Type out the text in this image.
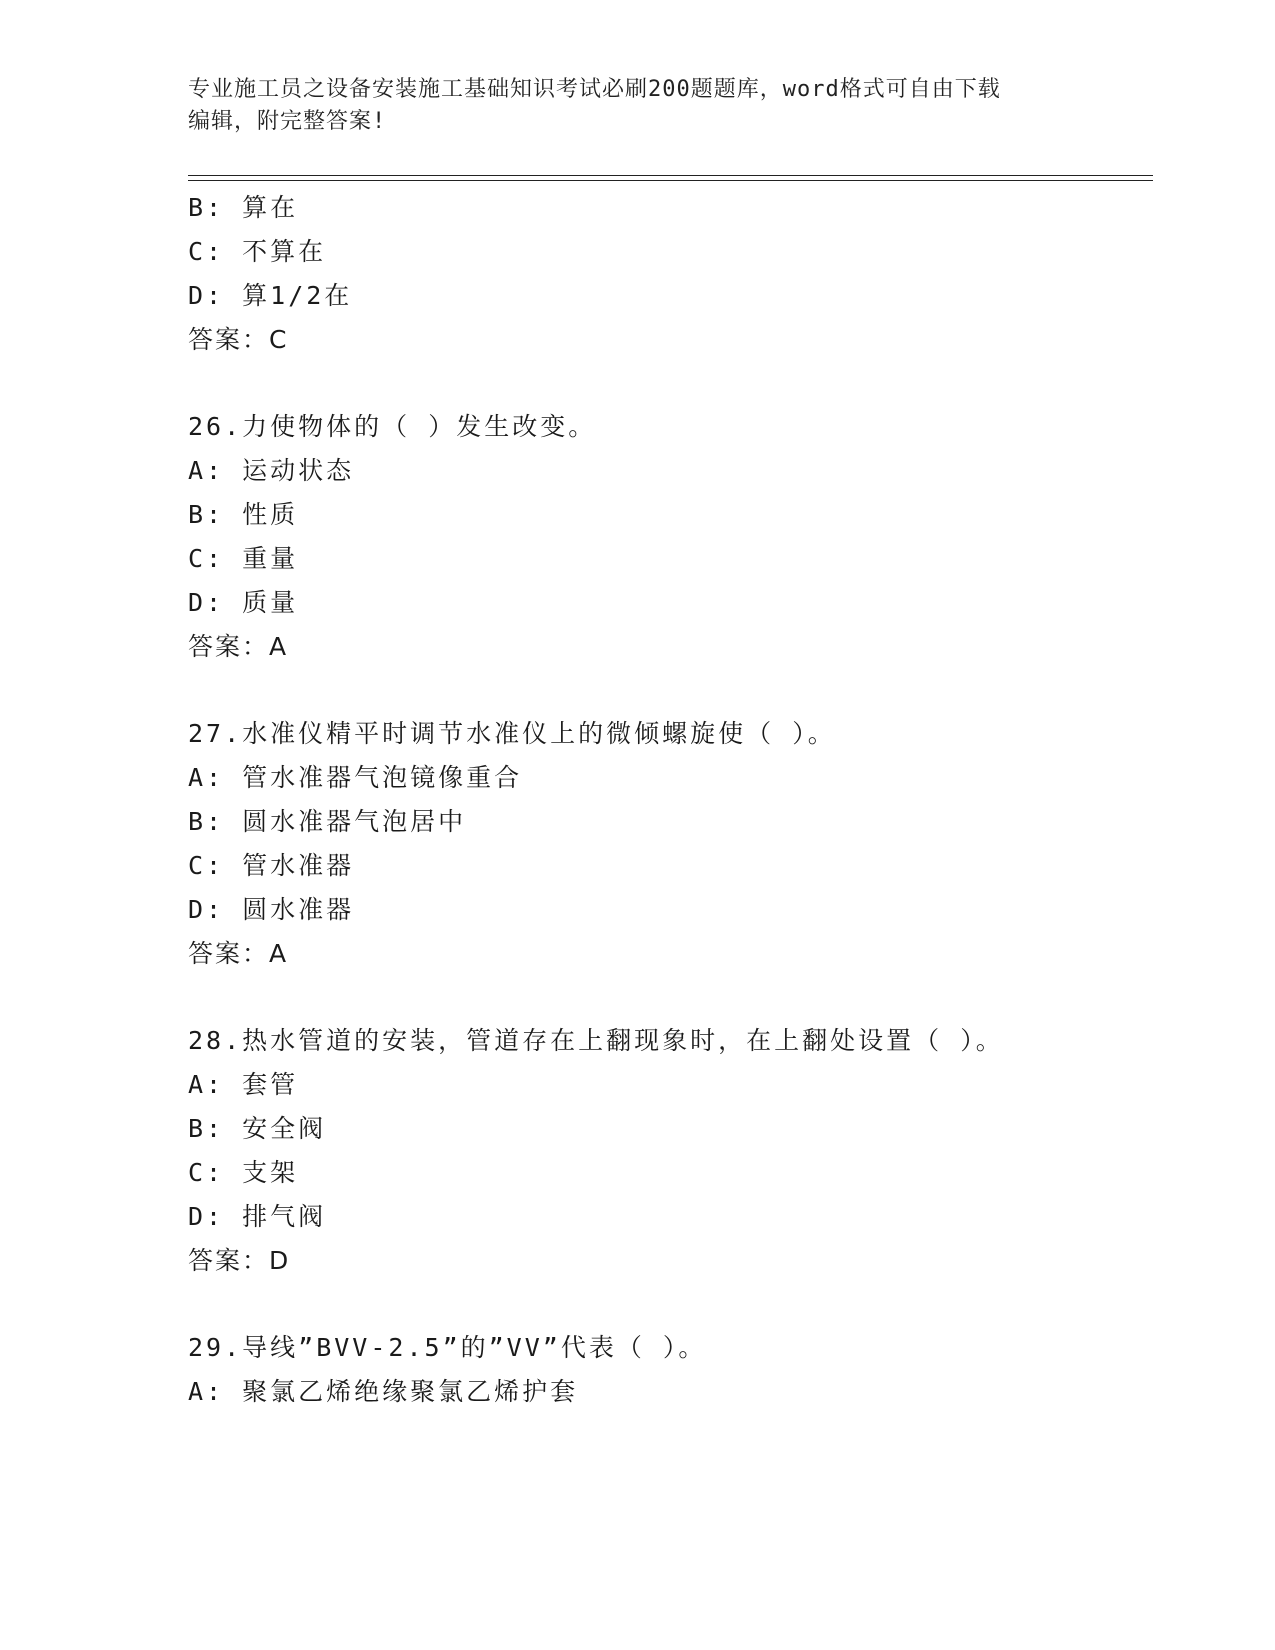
专业施工员之设备安装施工基础知识考试必刷200题题库，word格式可自由下载
编辑，附完整答案!
B: 算在
C: 不算在
D: 算1/2在
答案：C
26.力使物体的（ ）发生改变。
A: 运动状态
B: 性质
C: 重量
D: 质量
答案：A
27.水准仪精平时调节水准仪上的微倾螺旋使（ ）。
A: 管水准器气泡镜像重合
B: 圆水准器气泡居中
C: 管水准器
D: 圆水准器
答案：A
28.热水管道的安装，管道存在上翻现象时，在上翻处设置（ ）。
A: 套管
B: 安全阀
C: 支架
D: 排气阀
答案：D
29.导线”BVV-2.5”的”VV”代表（ ）。
A: 聚氯乙烯绝缘聚氯乙烯护套
